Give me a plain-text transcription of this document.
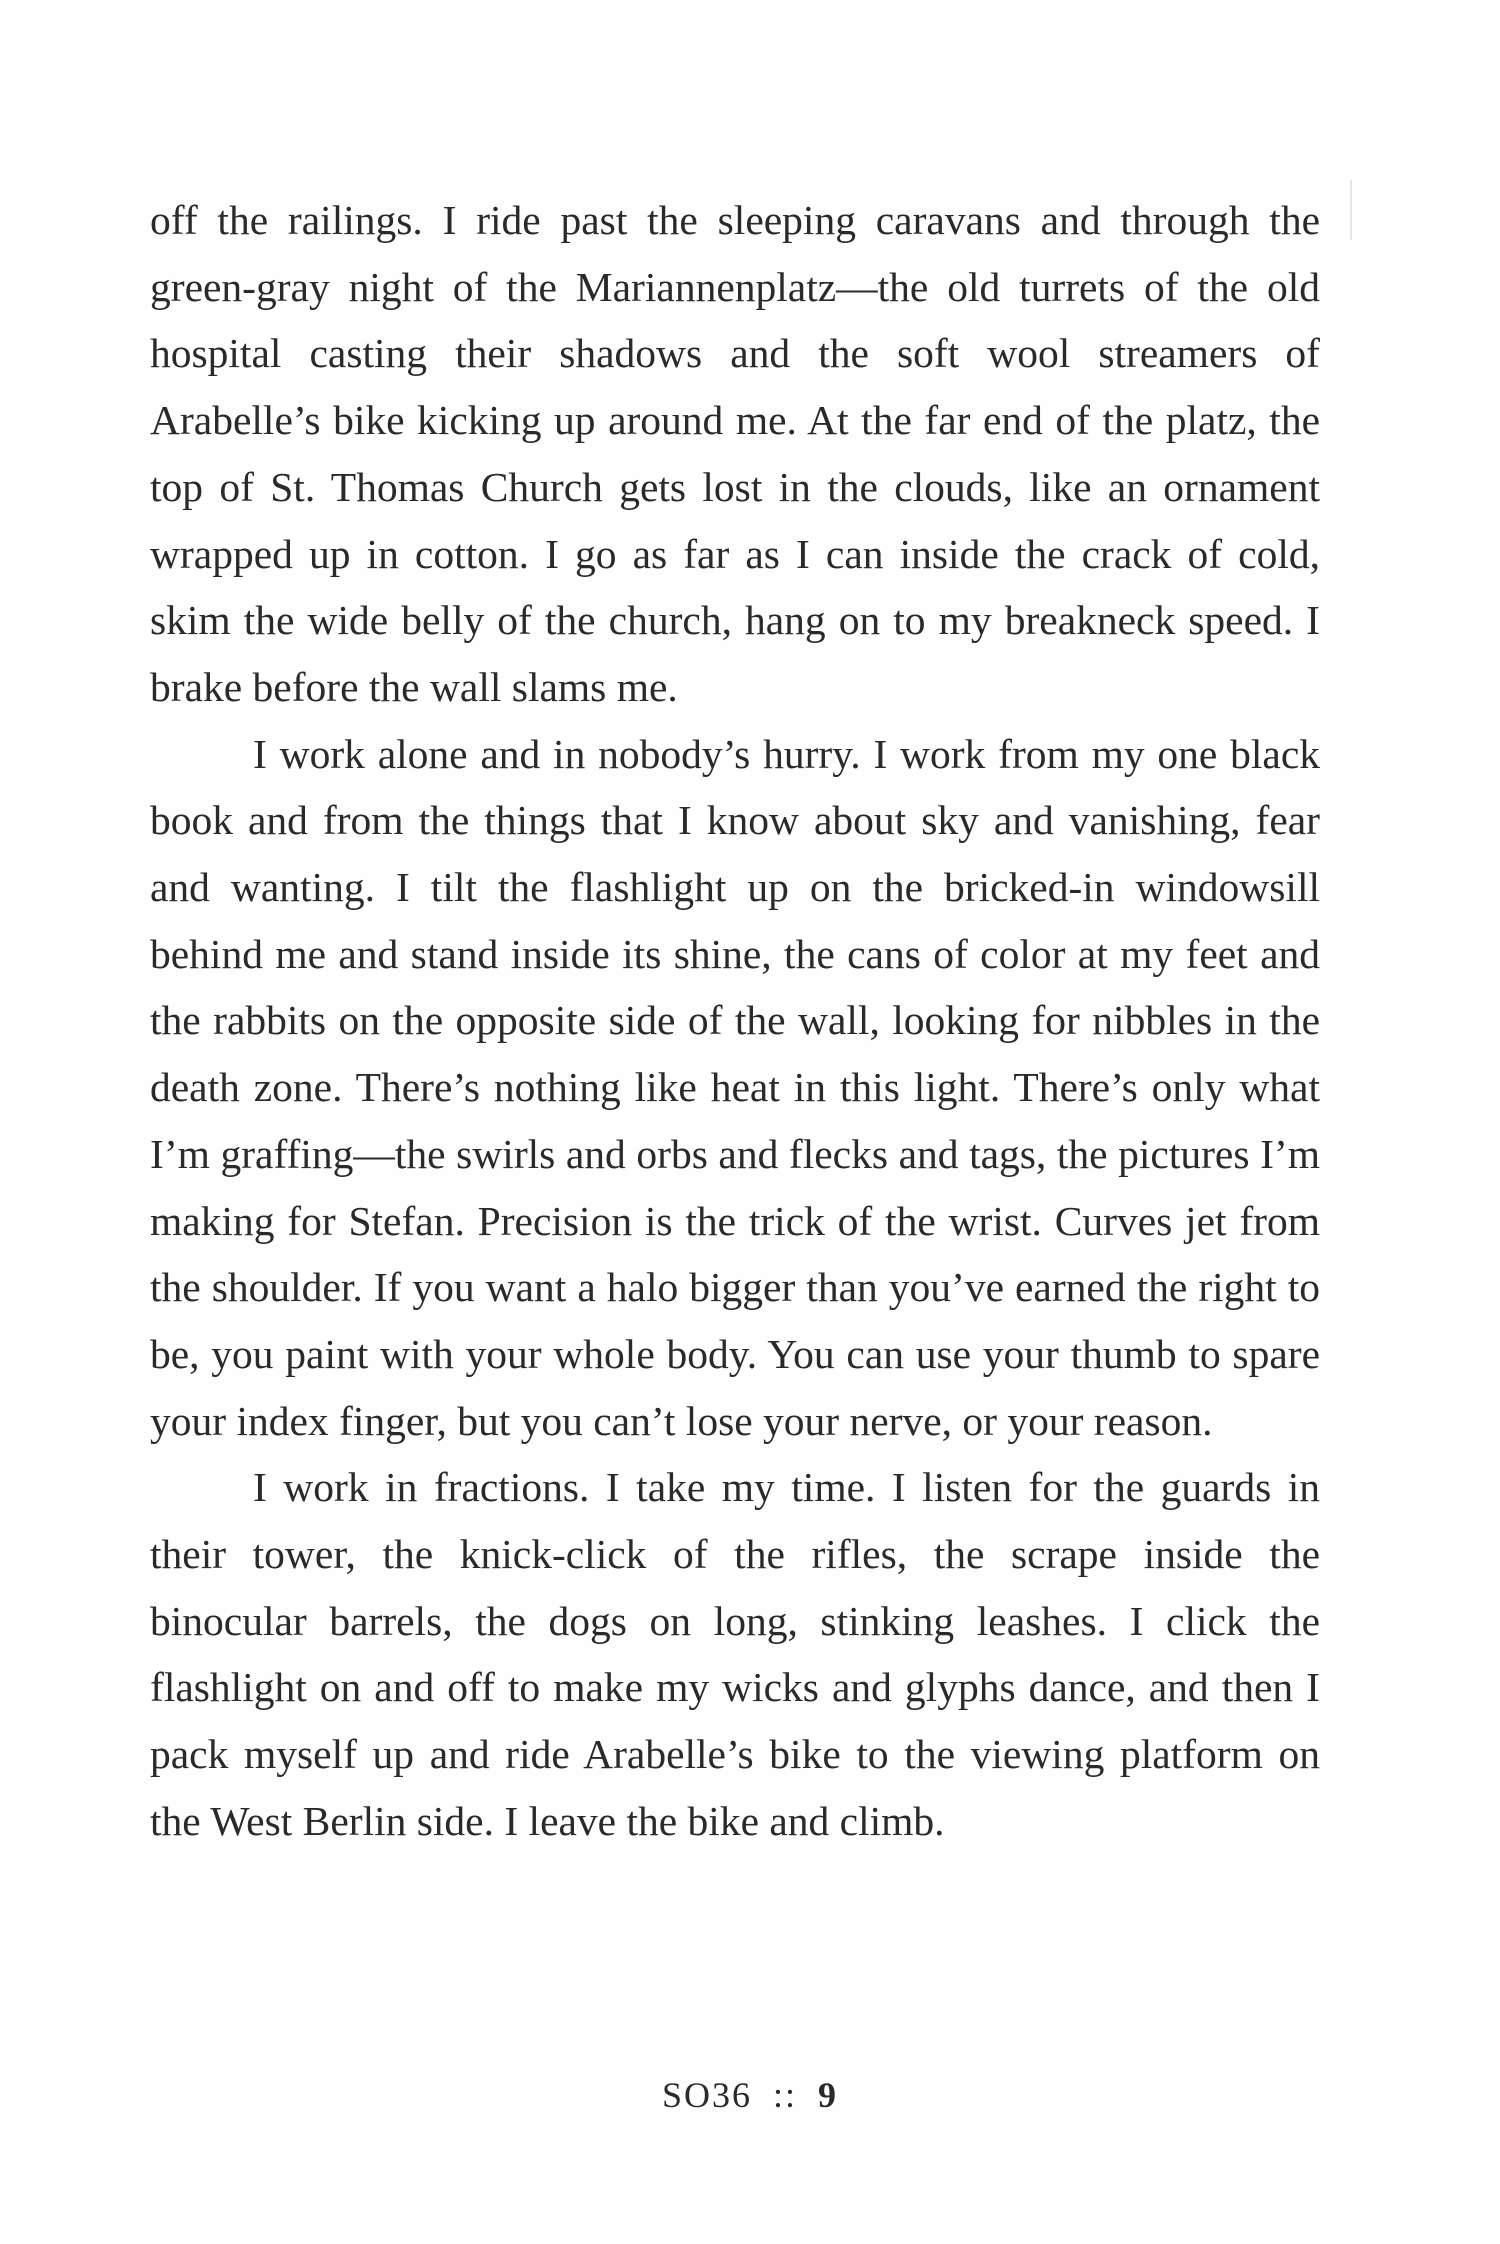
off the railings. I ride past the sleeping caravans and through the green-gray night of the Mariannenplatz—the old turrets of the old hospital casting their shadows and the soft wool streamers of Arabelle’s bike kicking up around me. At the far end of the platz, the top of St. Thomas Church gets lost in the clouds, like an ornament wrapped up in cotton. I go as far as I can inside the crack of cold, skim the wide belly of the church, hang on to my breakneck speed. I brake before the wall slams me.

I work alone and in nobody’s hurry. I work from my one black book and from the things that I know about sky and vanishing, fear and wanting. I tilt the flashlight up on the bricked-in windowsill behind me and stand inside its shine, the cans of color at my feet and the rabbits on the opposite side of the wall, looking for nibbles in the death zone. There’s nothing like heat in this light. There’s only what I’m graffing—the swirls and orbs and flecks and tags, the pictures I’m making for Stefan. Precision is the trick of the wrist. Curves jet from the shoulder. If you want a halo bigger than you’ve earned the right to be, you paint with your whole body. You can use your thumb to spare your index finger, but you can’t lose your nerve, or your reason.

I work in fractions. I take my time. I listen for the guards in their tower, the knick-click of the rifles, the scrape inside the binocular barrels, the dogs on long, stinking leashes. I click the flashlight on and off to make my wicks and glyphs dance, and then I pack myself up and ride Arabelle’s bike to the viewing platform on the West Berlin side. I leave the bike and climb.

SO36 :: 9
